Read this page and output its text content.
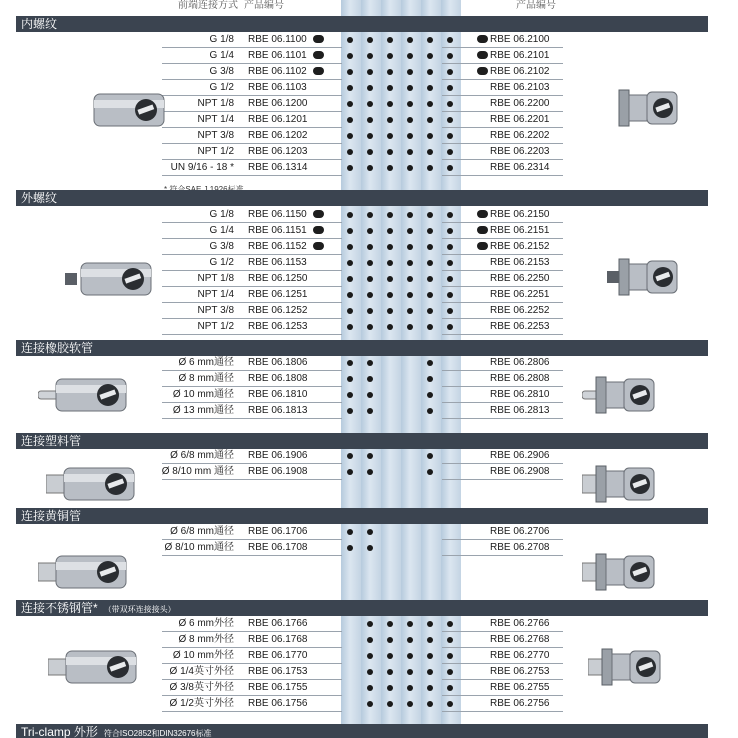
前端连接方式 产品编号	产品编号
内螺纹
G 1/8 RBE 06.1100	RBE 06.2100
G 1/4 RBE 06.1101	RBE 06.2101
G 3/8 RBE 06.1102	RBE 06.2102
G 1/2 RBE 06.1103	RBE 06.2103
NPT 1/8 RBE 06.1200	RBE 06.2200
NPT 1/4 RBE 06.1201	RBE 06.2201
NPT 3/8 RBE 06.1202	RBE 06.2202
NPT 1/2 RBE 06.1203	RBE 06.2203
UN 9/16 - 18 * RBE 06.1314	RBE 06.2314
外螺纹
G 1/8 RBE 06.1150	RBE 06.2150
G 1/4 RBE 06.1151	RBE 06.2151
G 3/8 RBE 06.1152	RBE 06.2152
G 1/2 RBE 06.1153	RBE 06.2153
NPT 1/8 RBE 06.1250	RBE 06.2250
NPT 1/4 RBE 06.1251	RBE 06.2251
NPT 3/8 RBE 06.1252	RBE 06.2252
NPT 1/2 RBE 06.1253	RBE 06.2253
连接橡胶软管
Ø 6 mm通径 RBE 06.1806	RBE 06.2806
Ø 8 mm通径 RBE 06.1808	RBE 06.2808
Ø 10 mm通径 RBE 06.1810	RBE 06.2810
Ø 13 mm通径 RBE 06.1813	RBE 06.2813
连接塑料管
Ø 6/8 mm通径 RBE 06.1906	RBE 06.2906
Ø 8/10 mm 通径 RBE 06.1908	RBE 06.2908
连接黄铜管
Ø 6/8 mm通径 RBE 06.1706	RBE 06.2706
Ø 8/10 mm通径 RBE 06.1708	RBE 06.2708
连接不锈钢管* （带双环连接接头）
Ø 6 mm外径 RBE 06.1766	RBE 06.2766
Ø 8 mm外径 RBE 06.1768	RBE 06.2768
Ø 10 mm外径 RBE 06.1770	RBE 06.2770
Ø 1/4英寸外径 RBE 06.1753	RBE 06.2753
Ø 3/8英寸外径 RBE 06.1755	RBE 06.2755
Ø 1/2英寸外径 RBE 06.1756	RBE 06.2756
Tri-clamp 外形 符合ISO2852和DIN32676标准
